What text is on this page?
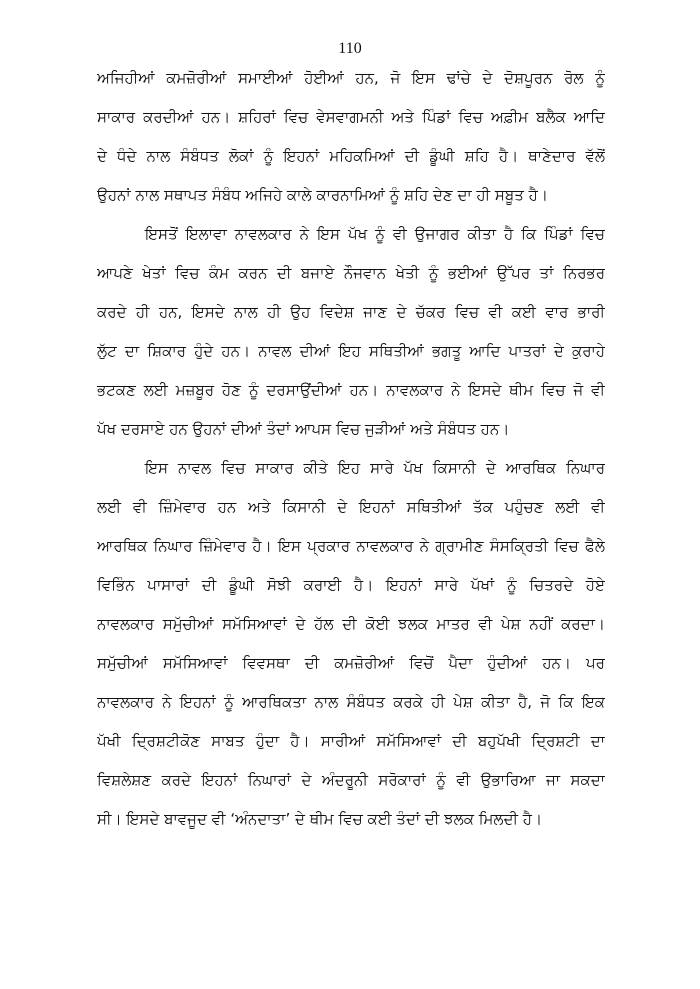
110
ਅਜਿਹੀਆਂ ਕਮਜ਼ੋਰੀਆਂ ਸਮਾਈਆਂ ਹੋਈਆਂ ਹਨ, ਜੋ ਇਸ ਢਾਂਚੇ ਦੇ ਦੋਸ਼ਪੂਰਨ ਰੋਲ ਨੂੰ
ਸਾਕਾਰ ਕਰਦੀਆਂ ਹਨ। ਸ਼ਹਿਰਾਂ ਵਿਚ ਵੇਸਵਾਗਮਨੀ ਅਤੇ ਪਿੰਡਾਂ ਵਿਚ ਅਫ਼ੀਮ ਬਲੈਕ ਆਦਿ
ਦੇ ਧੰਦੇ ਨਾਲ ਸੰਬੰਧਤ ਲੋਕਾਂ ਨੂੰ ਇਹਨਾਂ ਮਹਿਕਮਿਆਂ ਦੀ ਡੂੰਘੀ ਸ਼ਹਿ ਹੈ। ਥਾਣੇਦਾਰ ਵੱਲੋਂ
ਉਹਨਾਂ ਨਾਲ ਸਥਾਪਤ ਸੰਬੰਧ ਅਜਿਹੇ ਕਾਲੇ ਕਾਰਨਾਮਿਆਂ ਨੂੰ ਸ਼ਹਿ ਦੇਣ ਦਾ ਹੀ ਸਬੂਤ ਹੈ।
ਇਸਤੋਂ ਇਲਾਵਾ ਨਾਵਲਕਾਰ ਨੇ ਇਸ ਪੱਖ ਨੂੰ ਵੀ ਉਜਾਗਰ ਕੀਤਾ ਹੈ ਕਿ ਪਿੰਡਾਂ ਵਿਚ
ਆਪਣੇ ਖੇਤਾਂ ਵਿਚ ਕੰਮ ਕਰਨ ਦੀ ਬਜਾਏ ਨੌਜਵਾਨ ਖੇਤੀ ਨੂੰ ਭਈਆਂ ਉੱਪਰ ਤਾਂ ਨਿਰਭਰ
ਕਰਦੇ ਹੀ ਹਨ, ਇਸਦੇ ਨਾਲ ਹੀ ਉਹ ਵਿਦੇਸ਼ ਜਾਣ ਦੇ ਚੱਕਰ ਵਿਚ ਵੀ ਕਈ ਵਾਰ ਭਾਰੀ
ਲੁੱਟ ਦਾ ਸ਼ਿਕਾਰ ਹੁੰਦੇ ਹਨ। ਨਾਵਲ ਦੀਆਂ ਇਹ ਸਥਿਤੀਆਂ ਭਗਤੂ ਆਦਿ ਪਾਤਰਾਂ ਦੇ ਕੁਰਾਹੇ
ਭਟਕਣ ਲਈ ਮਜ਼ਬੂਰ ਹੋਣ ਨੂੰ ਦਰਸਾਉਂਦੀਆਂ ਹਨ। ਨਾਵਲਕਾਰ ਨੇ ਇਸਦੇ ਥੀਮ ਵਿਚ ਜੋ ਵੀ
ਪੱਖ ਦਰਸਾਏ ਹਨ ਉਹਨਾਂ ਦੀਆਂ ਤੰਦਾਂ ਆਪਸ ਵਿਚ ਜੁੜੀਆਂ ਅਤੇ ਸੰਬੰਧਤ ਹਨ।
ਇਸ ਨਾਵਲ ਵਿਚ ਸਾਕਾਰ ਕੀਤੇ ਇਹ ਸਾਰੇ ਪੱਖ ਕਿਸਾਨੀ ਦੇ ਆਰਥਿਕ ਨਿਘਾਰ
ਲਈ ਵੀ ਜ਼ਿੰਮੇਵਾਰ ਹਨ ਅਤੇ ਕਿਸਾਨੀ ਦੇ ਇਹਨਾਂ ਸਥਿਤੀਆਂ ਤੱਕ ਪਹੁੰਚਣ ਲਈ ਵੀ
ਆਰਥਿਕ ਨਿਘਾਰ ਜ਼ਿੰਮੇਵਾਰ ਹੈ। ਇਸ ਪ੍ਰਕਾਰ ਨਾਵਲਕਾਰ ਨੇ ਗ੍ਰਾਮੀਣ ਸੰਸਕ੍ਰਿਤੀ ਵਿਚ ਫੈਲੇ
ਵਿਭਿੰਨ ਪਾਸਾਰਾਂ ਦੀ ਡੂੰਘੀ ਸੋਝੀ ਕਰਾਈ ਹੈ। ਇਹਨਾਂ ਸਾਰੇ ਪੱਖਾਂ ਨੂੰ ਚਿਤਰਦੇ ਹੋਏ
ਨਾਵਲਕਾਰ ਸਮੁੱਚੀਆਂ ਸਮੱਸਿਆਵਾਂ ਦੇ ਹੱਲ ਦੀ ਕੋਈ ਝਲਕ ਮਾਤਰ ਵੀ ਪੇਸ਼ ਨਹੀਂ ਕਰਦਾ।
ਸਮੁੱਚੀਆਂ ਸਮੱਸਿਆਵਾਂ ਵਿਵਸਥਾ ਦੀ ਕਮਜ਼ੋਰੀਆਂ ਵਿਚੋਂ ਪੈਦਾ ਹੁੰਦੀਆਂ ਹਨ। ਪਰ
ਨਾਵਲਕਾਰ ਨੇ ਇਹਨਾਂ ਨੂੰ ਆਰਥਿਕਤਾ ਨਾਲ ਸੰਬੰਧਤ ਕਰਕੇ ਹੀ ਪੇਸ਼ ਕੀਤਾ ਹੈ, ਜੋ ਕਿ ਇਕ
ਪੱਖੀ ਦ੍ਰਿਸ਼ਟੀਕੋਣ ਸਾਬਤ ਹੁੰਦਾ ਹੈ। ਸਾਰੀਆਂ ਸਮੱਸਿਆਵਾਂ ਦੀ ਬਹੁਪੱਖੀ ਦ੍ਰਿਸ਼ਟੀ ਦਾ
ਵਿਸ਼ਲੇਸ਼ਣ ਕਰਦੇ ਇਹਨਾਂ ਨਿਘਾਰਾਂ ਦੇ ਅੰਦਰੂਨੀ ਸਰੋਕਾਰਾਂ ਨੂੰ ਵੀ ਉਭਾਰਿਆ ਜਾ ਸਕਦਾ
ਸੀ। ਇਸਦੇ ਬਾਵਜੂਦ ਵੀ ‘ਅੰਨਦਾਤਾ’ ਦੇ ਥੀਮ ਵਿਚ ਕਈ ਤੰਦਾਂ ਦੀ ਝਲਕ ਮਿਲਦੀ ਹੈ।
